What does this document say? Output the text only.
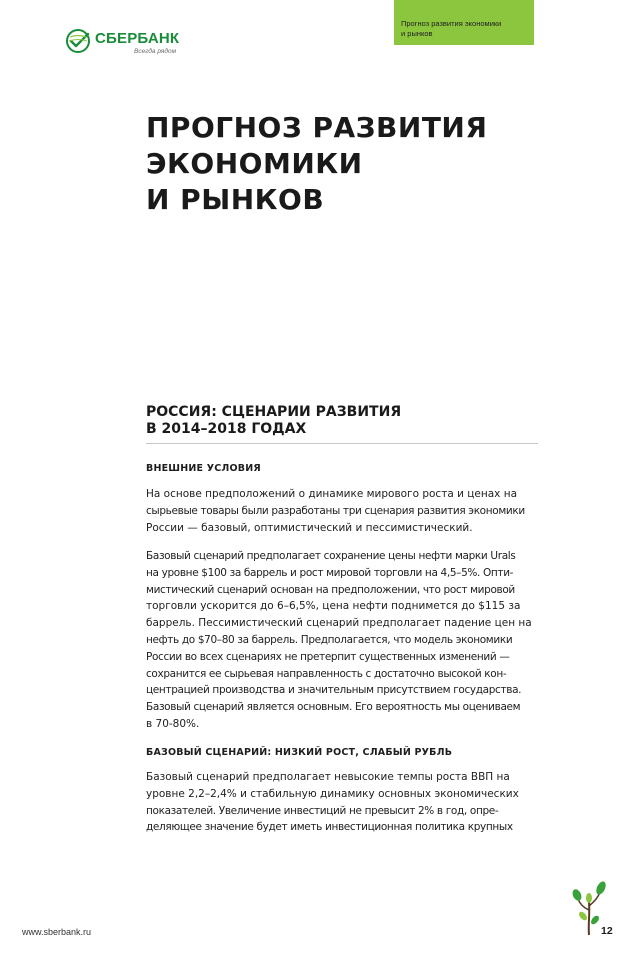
СБЕРБАНК
Всегда рядом
Прогноз развития экономики
и рынков
ПРОГНОЗ РАЗВИТИЯ
ЭКОНОМИКИ
И РЫНКОВ
РОССИЯ: СЦЕНАРИИ РАЗВИТИЯ
В 2014–2018 ГОДАХ
ВНЕШНИЕ УСЛОВИЯ
На основе предположений о динамике мирового роста и ценах на
сырьевые товары были разработаны три сценария развития экономики
России — базовый, оптимистический и пессимистический.
Базовый сценарий предполагает сохранение цены нефти марки Urals
на уровне $100 за баррель и рост мировой торговли на 4,5–5%. Опти-
мистический сценарий основан на предположении, что рост мировой
торговли ускорится до 6–6,5%, цена нефти поднимется до $115 за
баррель. Пессимистический сценарий предполагает падение цен на
нефть до $70–80 за баррель. Предполагается, что модель экономики
России во всех сценариях не претерпит существенных изменений —
сохранится ее сырьевая направленность с достаточно высокой кон-
центрацией производства и значительным присутствием государства.
Базовый сценарий является основным. Его вероятность мы оцениваем
в 70-80%.
БАЗОВЫЙ СЦЕНАРИЙ: НИЗКИЙ РОСТ, СЛАБЫЙ РУБЛЬ
Базовый сценарий предполагает невысокие темпы роста ВВП на
уровне 2,2–2,4% и стабильную динамику основных экономических
показателей. Увеличение инвестиций не превысит 2% в год, опре-
деляющее значение будет иметь инвестиционная политика крупных
www.sberbank.ru	12
